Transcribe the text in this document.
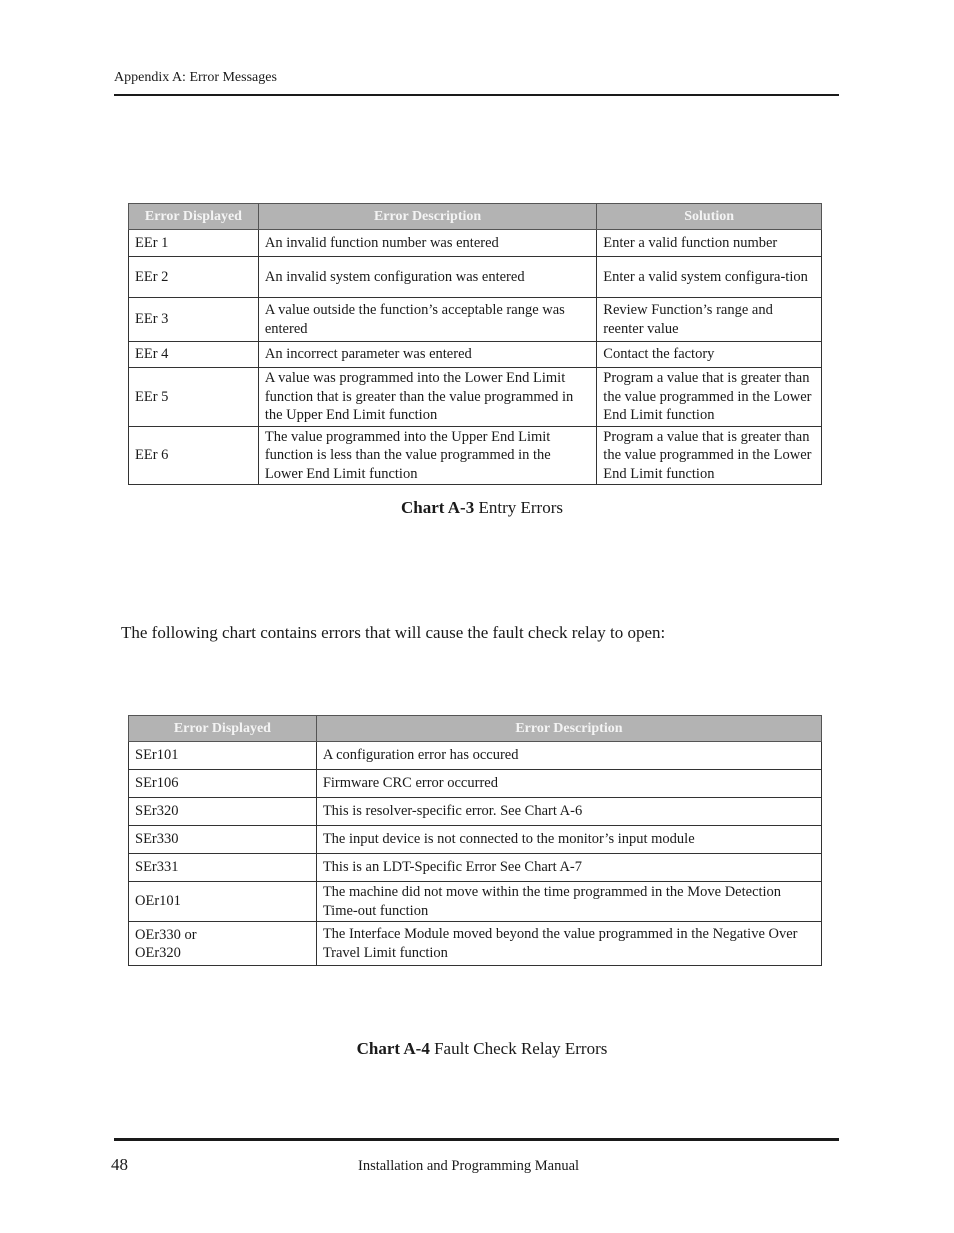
Appendix A: Error Messages
Error Displayed	Error Description	Solution
EEr 1	An invalid function number was entered	Enter a valid function number
EEr 2	An invalid system configuration was entered	Enter a valid system configura-tion
EEr 3	A value outside the function’s acceptable range was entered	Review Function’s range and reenter value
EEr 4	An incorrect parameter was entered	Contact the factory
EEr 5	A value was programmed into the Lower End Limit function that is greater than the value programmed in the Upper End Limit function	Program a value that is greater than the value programmed in the Lower End Limit function
EEr 6	The value programmed into the Upper End Limit function is less than the value programmed in the Lower End Limit function	Program a value that is greater than the value programmed in the Lower End Limit function
Chart A-3 Entry Errors
The following chart contains errors that will cause the fault check relay to open:
Error Displayed	Error Description
SEr101	A configuration error has occured
SEr106	Firmware CRC error occurred
SEr320	This is resolver-specific error. See Chart A-6
SEr330	The input device is not connected to the monitor’s input module
SEr331	This is an LDT-Specific Error See Chart A-7
OEr101	The machine did not move within the time programmed in the Move Detection Time-out function

OEr330 or OEr320	The Interface Module moved beyond the value programmed in the Negative Over Travel Limit function
Chart A-4 Fault Check Relay Errors
48	Installation and Programming Manual
